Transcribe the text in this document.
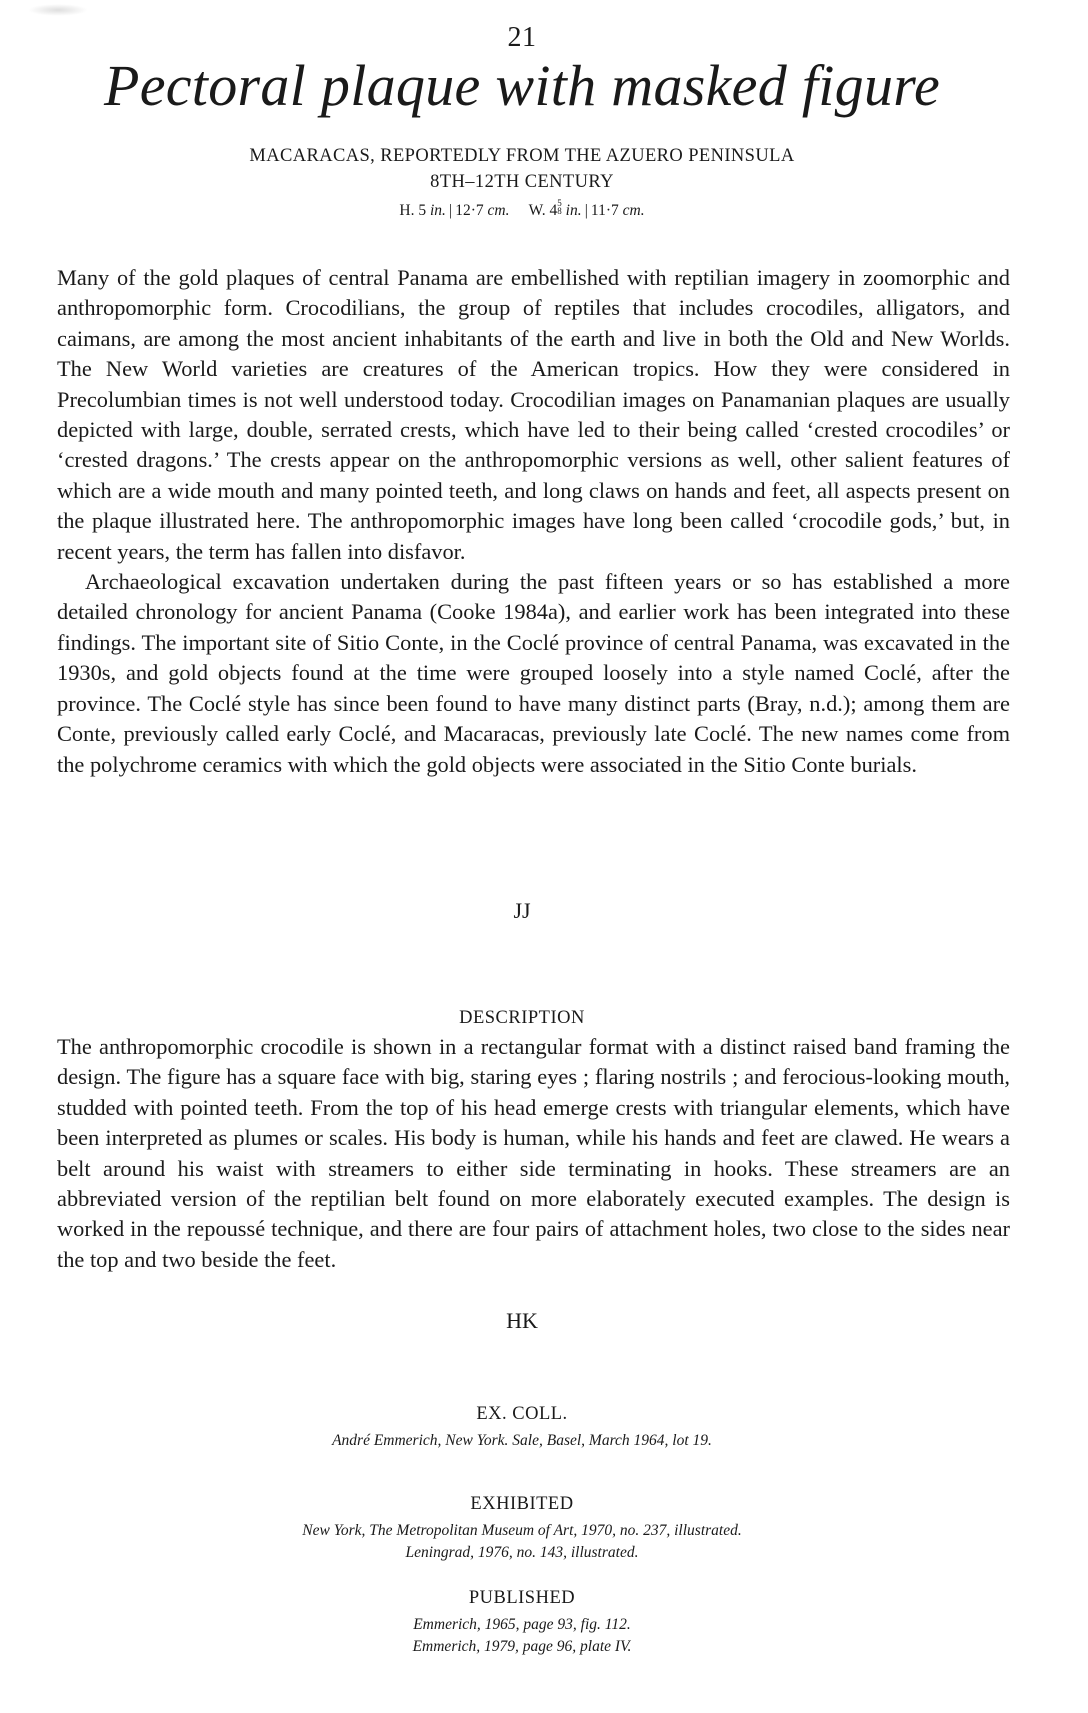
21
Pectoral plaque with masked figure
MACARACAS, REPORTEDLY FROM THE AZUERO PENINSULA
8TH–12TH CENTURY
H. 5 in. | 12·7 cm. W. 4 5
8 in. | 11·7 cm.

Many of the gold plaques of central Panama are embellished with reptilian imagery in zoomorphic and anthropomorphic form. Crocodilians, the group of reptiles that includes crocodiles, alligators, and caimans, are among the most ancient inhabitants of the earth and live in both the Old and New Worlds. The New World varieties are creatures of the American tropics. How they were considered in Precolumbian times is not well understood today. Crocodilian images on Panamanian plaques are usually depicted with large, double, serrated crests, which have led to their being called ‘crested crocodiles’ or ‘crested dragons.’ The crests appear on the anthropomorphic versions as well, other salient features of which are a wide mouth and many pointed teeth, and long claws on hands and feet, all aspects present on the plaque illustrated here. The anthropomorphic images have long been called ‘crocodile gods,’ but, in recent years, the term has fallen into disfavor.

Archaeological excavation undertaken during the past fifteen years or so has established a more detailed chronology for ancient Panama (Cooke 1984a), and earlier work has been integrated into these findings. The important site of Sitio Conte, in the Coclé province of central Panama, was excavated in the 1930s, and gold objects found at the time were grouped loosely into a style named Coclé, after the province. The Coclé style has since been found to have many distinct parts (Bray, n.d.); among them are Conte, previously called early Coclé, and Macaracas, previously late Coclé. The new names come from the polychrome ceramics with which the gold objects were associated in the Sitio Conte burials.

JJ
DESCRIPTION

The anthropomorphic crocodile is shown in a rectangular format with a distinct raised band framing the design. The figure has a square face with big, staring eyes ; flaring nostrils ; and ferocious-looking mouth, studded with pointed teeth. From the top of his head emerge crests with triangular elements, which have been interpreted as plumes or scales. His body is human, while his hands and feet are clawed. He wears a belt around his waist with streamers to either side terminating in hooks. These streamers are an abbreviated version of the reptilian belt found on more elaborately executed examples. The design is worked in the repoussé technique, and there are four pairs of attachment holes, two close to the sides near the top and two beside the feet.

HK
EX. COLL.
André Emmerich, New York. Sale, Basel, March 1964, lot 19.
EXHIBITED
New York, The Metropolitan Museum of Art, 1970, no. 237, illustrated.
Leningrad, 1976, no. 143, illustrated.
PUBLISHED
Emmerich, 1965, page 93, fig. 112.
Emmerich, 1979, page 96, plate IV.
